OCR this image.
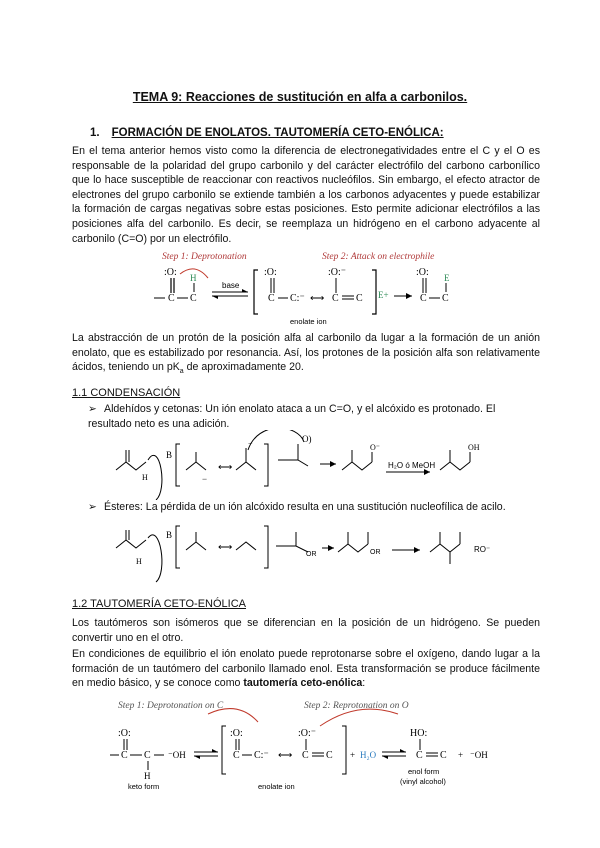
TEMA 9: Reacciones de sustitución en alfa a carbonilos.
1. FORMACIÓN DE ENOLATOS. TAUTOMERÍA CETO-ENÓLICA:

En el tema anterior hemos visto como la diferencia de electronegatividades entre el C y el O es responsable de la polaridad del grupo carbonilo y del carácter electrófilo del carbono carbonílico que lo hace susceptible de reaccionar con reactivos nucleófilos. Sin embargo, el efecto atractor de electrones del grupo carbonilo se extiende también a los carbonos adyacentes y puede estabilizar la formación de cargas negativas sobre estas posiciones. Esto permite adicionar electrófilos a las posiciones alfa del carbonilo. Es decir, se reemplaza un hidrógeno en el carbono adyacente al carbonilo (C=O) por un electrófilo.

Step 1: Deprotonation	Step 2: Attack on electrophile
:O:
C C
H
base
:O:
C C:⁻ ⟷
:O:⁻
C C E+
:O:
C C
E
enolate ion

La abstracción de un protón de la posición alfa al carbonilo da lugar a la formación de un anión enolato, que es estabilizado por resonancia. Así, los protones de la posición alfa son relativamente ácidos, teniendo un $pK_a$ de aproximadamente 20.

1.1 CONDENSACIÓN

➢ Aldehídos y cetonas: Un ión enolato ataca a un C=O, y el alcóxido es protonado. El resultado neto es una adición.

H
B
−
⟷
−	O)
O⁻
H₂O ó MeOH
OH

➢ Ésteres: La pérdida de un ión alcóxido resulta en una sustitución nucleofílica de acilo.

H
B
⟷
OR	OR	RO⁻
1.2 TAUTOMERÍA CETO-ENÓLICA

Los tautómeros son isómeros que se diferencian en la posición de un hidrógeno. Se pueden convertir uno en el otro.

En condiciones de equilibrio el ión enolato puede reprotonarse sobre el oxígeno, dando lugar a la formación de un tautómero del carbonilo llamado enol. Esta transformación se produce fácilmente en medio básico, y se conoce como tautomería ceto-enólica:

Step 1: Deprotonation on C	Step 2: Reprotonation on O
:O:
C C
H
⁻OH
keto form
:O:
C C:⁻ ⟷
:O:⁻
C C
enolate ion
+ H₂O
HO:
C C + ⁻OH
enol form
(vinyl alcohol)
